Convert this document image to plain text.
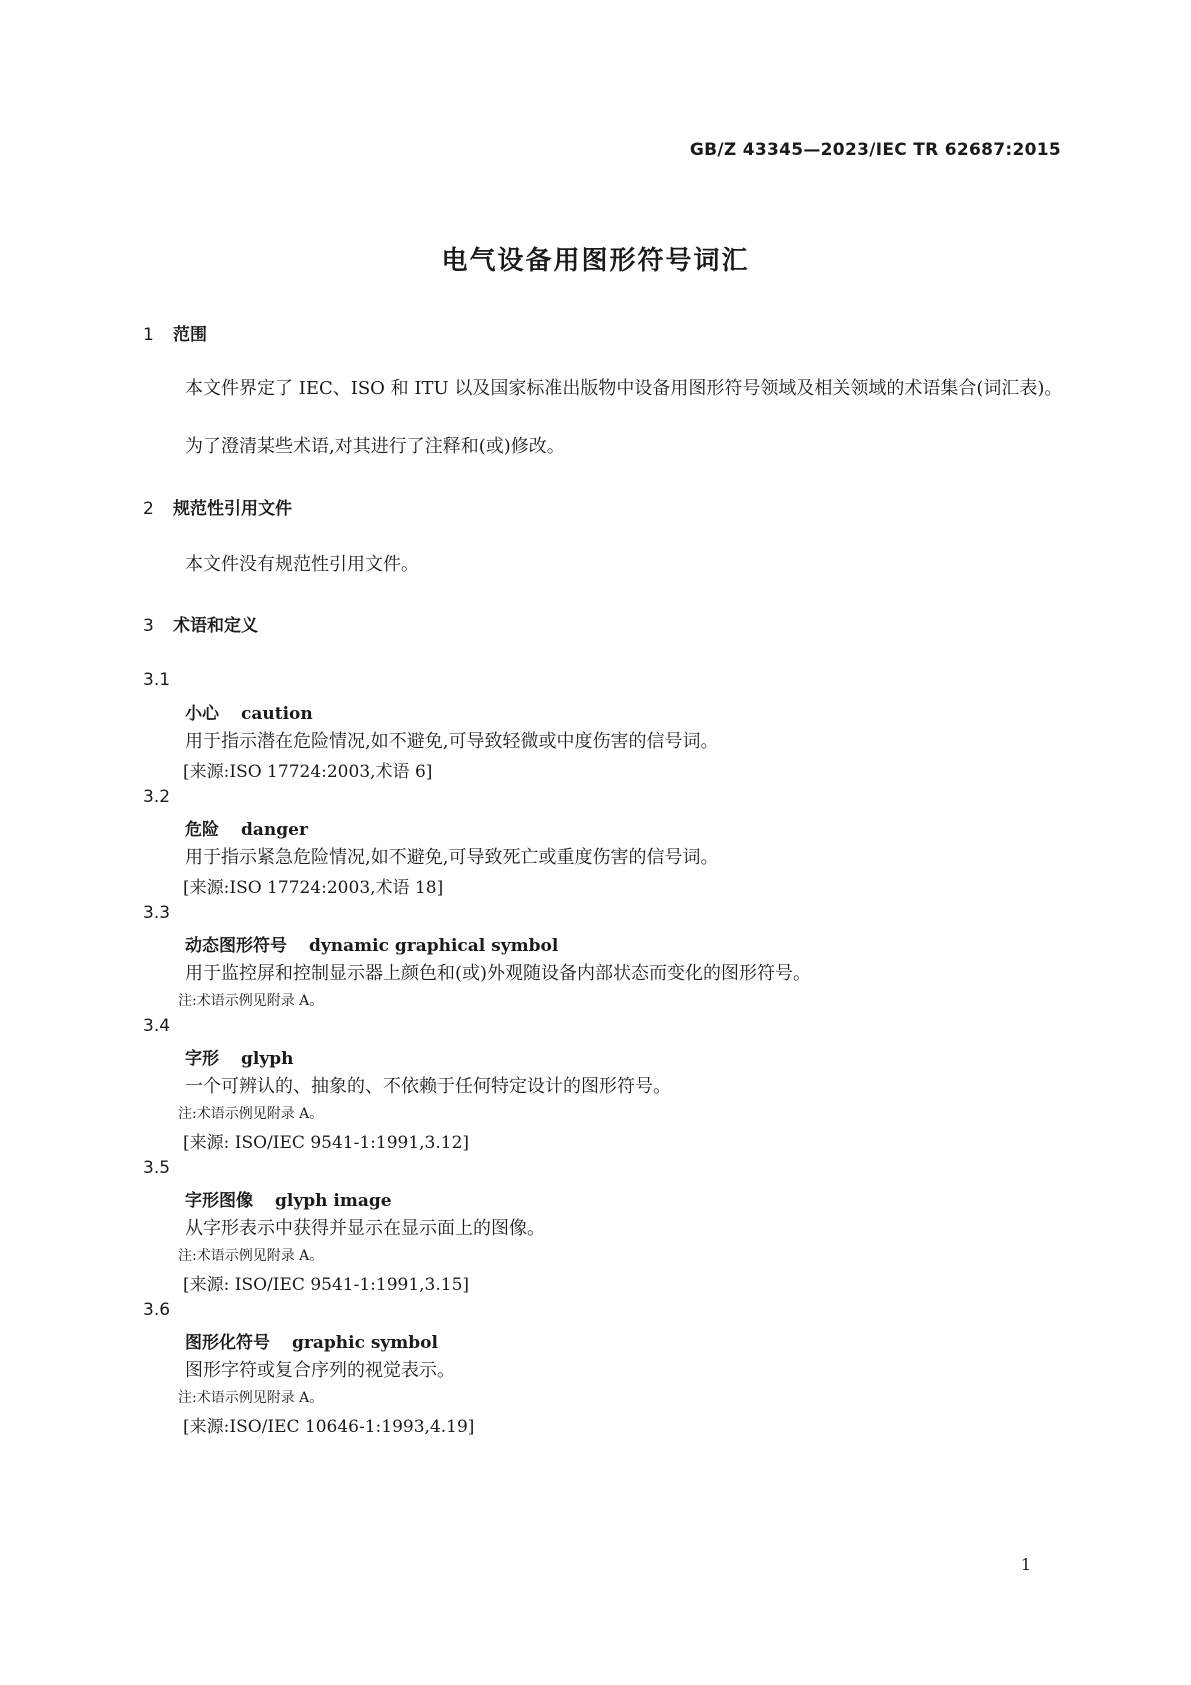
GB/Z 43345—2023/IEC TR 62687:2015
电气设备用图形符号词汇
1 范围
本文件界定了 IEC、ISO 和 ITU 以及国家标准出版物中设备用图形符号领域及相关领域的术语集合(词汇表)。
为了澄清某些术语,对其进行了注释和(或)修改。
2 规范性引用文件
本文件没有规范性引用文件。
3 术语和定义
3.1
小心 caution
用于指示潜在危险情况,如不避免,可导致轻微或中度伤害的信号词。
[来源:ISO 17724:2003,术语 6]
3.2
危险 danger
用于指示紧急危险情况,如不避免,可导致死亡或重度伤害的信号词。
[来源:ISO 17724:2003,术语 18]
3.3
动态图形符号 dynamic graphical symbol
用于监控屏和控制显示器上颜色和(或)外观随设备内部状态而变化的图形符号。
注:术语示例见附录 A。
3.4
字形 glyph
一个可辨认的、抽象的、不依赖于任何特定设计的图形符号。
注:术语示例见附录 A。
[来源: ISO/IEC 9541-1:1991,3.12]
3.5
字形图像 glyph image
从字形表示中获得并显示在显示面上的图像。
注:术语示例见附录 A。
[来源: ISO/IEC 9541-1:1991,3.15]
3.6
图形化符号 graphic symbol
图形字符或复合序列的视觉表示。
注:术语示例见附录 A。
[来源:ISO/IEC 10646-1:1993,4.19]
1
